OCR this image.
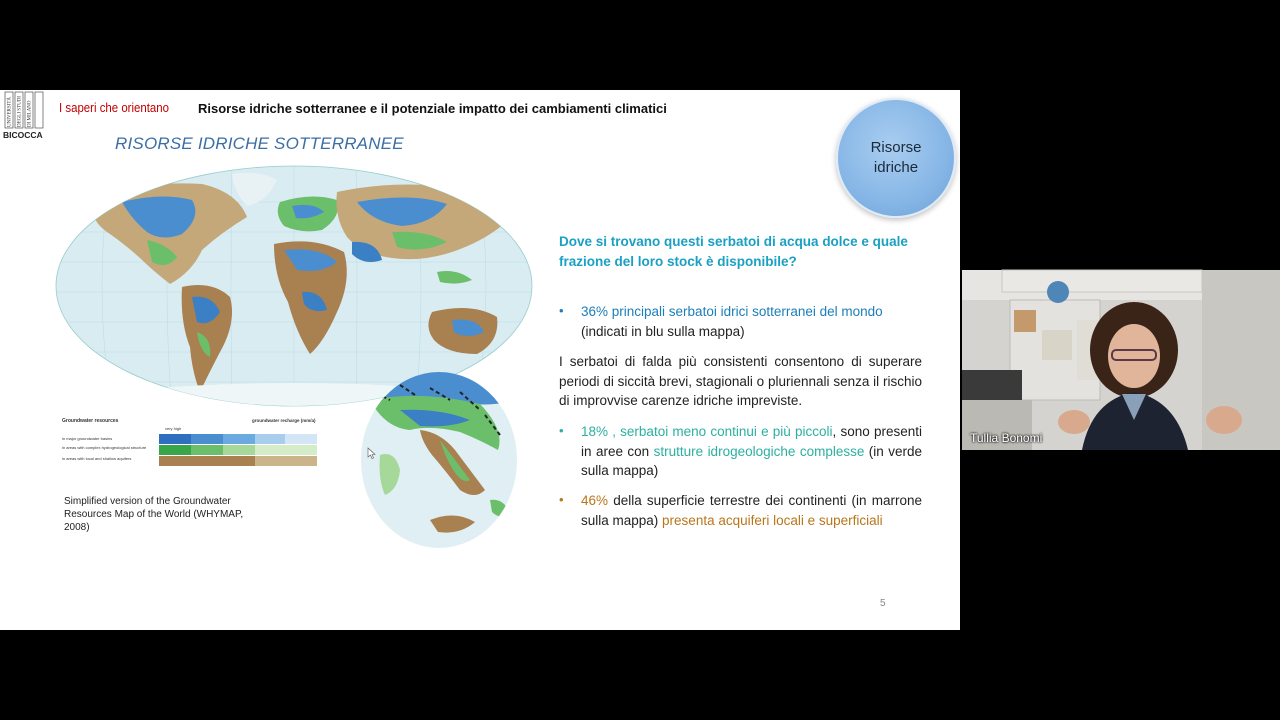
UNIVERSITÀ DEGLI STUDI DI MILANO
BICOCCA
I saperi che orientano Risorse idriche sotterranee e il potenziale impatto dei cambiamenti climatici
RISORSE IDRICHE SOTTERRANEE	Risorse idriche
Groundwater resources	groundwater recharge (mm/a)
in major groundwater basins
in areas with complex hydrogeological structure
in areas with local and shallow aquifers
very high
Simplified version of the Groundwater Resources Map of the World (WHYMAP, 2008)
Dove si trovano questi serbatoi di acqua dolce e quale frazione del loro stock è disponibile?
• 36% principali serbatoi idrici sotterranei del mondo
(indicati in blu sulla mappa)
I serbatoi di falda più consistenti consentono di superare periodi di siccità brevi, stagionali o pluriennali senza il rischio di improvvise carenze idriche impreviste.
• 18% , serbatoi meno continui e più piccoli, sono presenti in aree con strutture idrogeologiche complesse (in verde sulla mappa)
• 46% della superficie terrestre dei continenti (in marrone sulla mappa) presenta acquiferi locali e superficiali
5
Tullia Bonomi
